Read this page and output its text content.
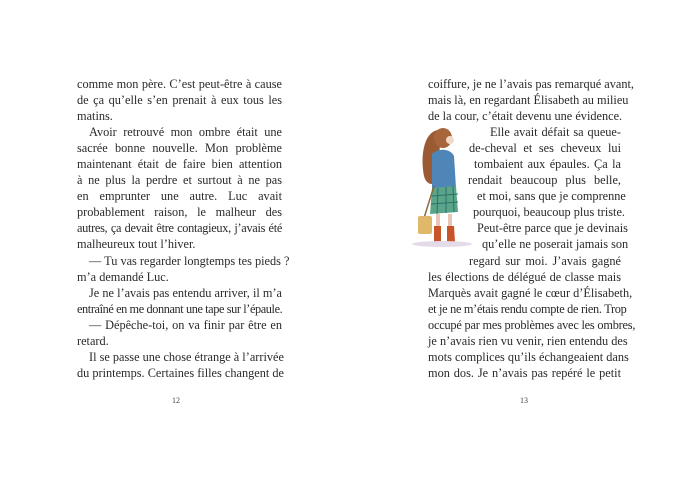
comme mon père. C’est peut-être à cause
de ça qu’elle s’en prenait à eux tous les
matins.
Avoir retrouvé mon ombre était une
sacrée bonne nouvelle. Mon problème
maintenant était de faire bien attention
à ne plus la perdre et surtout à ne pas
en emprunter une autre. Luc avait
probablement raison, le malheur des
autres, ça devait être contagieux, j’avais été
malheureux tout l’hiver.
— Tu vas regarder longtemps tes pieds ?
m’a demandé Luc.
Je ne l’avais pas entendu arriver, il m’a
entraîné en me donnant une tape sur l’épaule.
— Dépêche-toi, on va finir par être en
retard.
Il se passe une chose étrange à l’arrivée
du printemps. Certaines filles changent de
12
coiffure, je ne l’avais pas remarqué avant,
mais là, en regardant Élisabeth au milieu
de la cour, c’était devenu une évidence.
Elle avait défait sa queue-
de-cheval et ses cheveux lui
tombaient aux épaules. Ça la
rendait beaucoup plus belle,
et moi, sans que je comprenne
pourquoi, beaucoup plus triste.
Peut-être parce que je devinais
qu’elle ne poserait jamais son
regard sur moi. J’avais gagné
les élections de délégué de classe mais
Marquès avait gagné le cœur d’Élisabeth,
et je ne m’étais rendu compte de rien. Trop
occupé par mes problèmes avec les ombres,
je n’avais rien vu venir, rien entendu des
mots complices qu’ils échangeaient dans
mon dos. Je n’avais pas repéré le petit
13
